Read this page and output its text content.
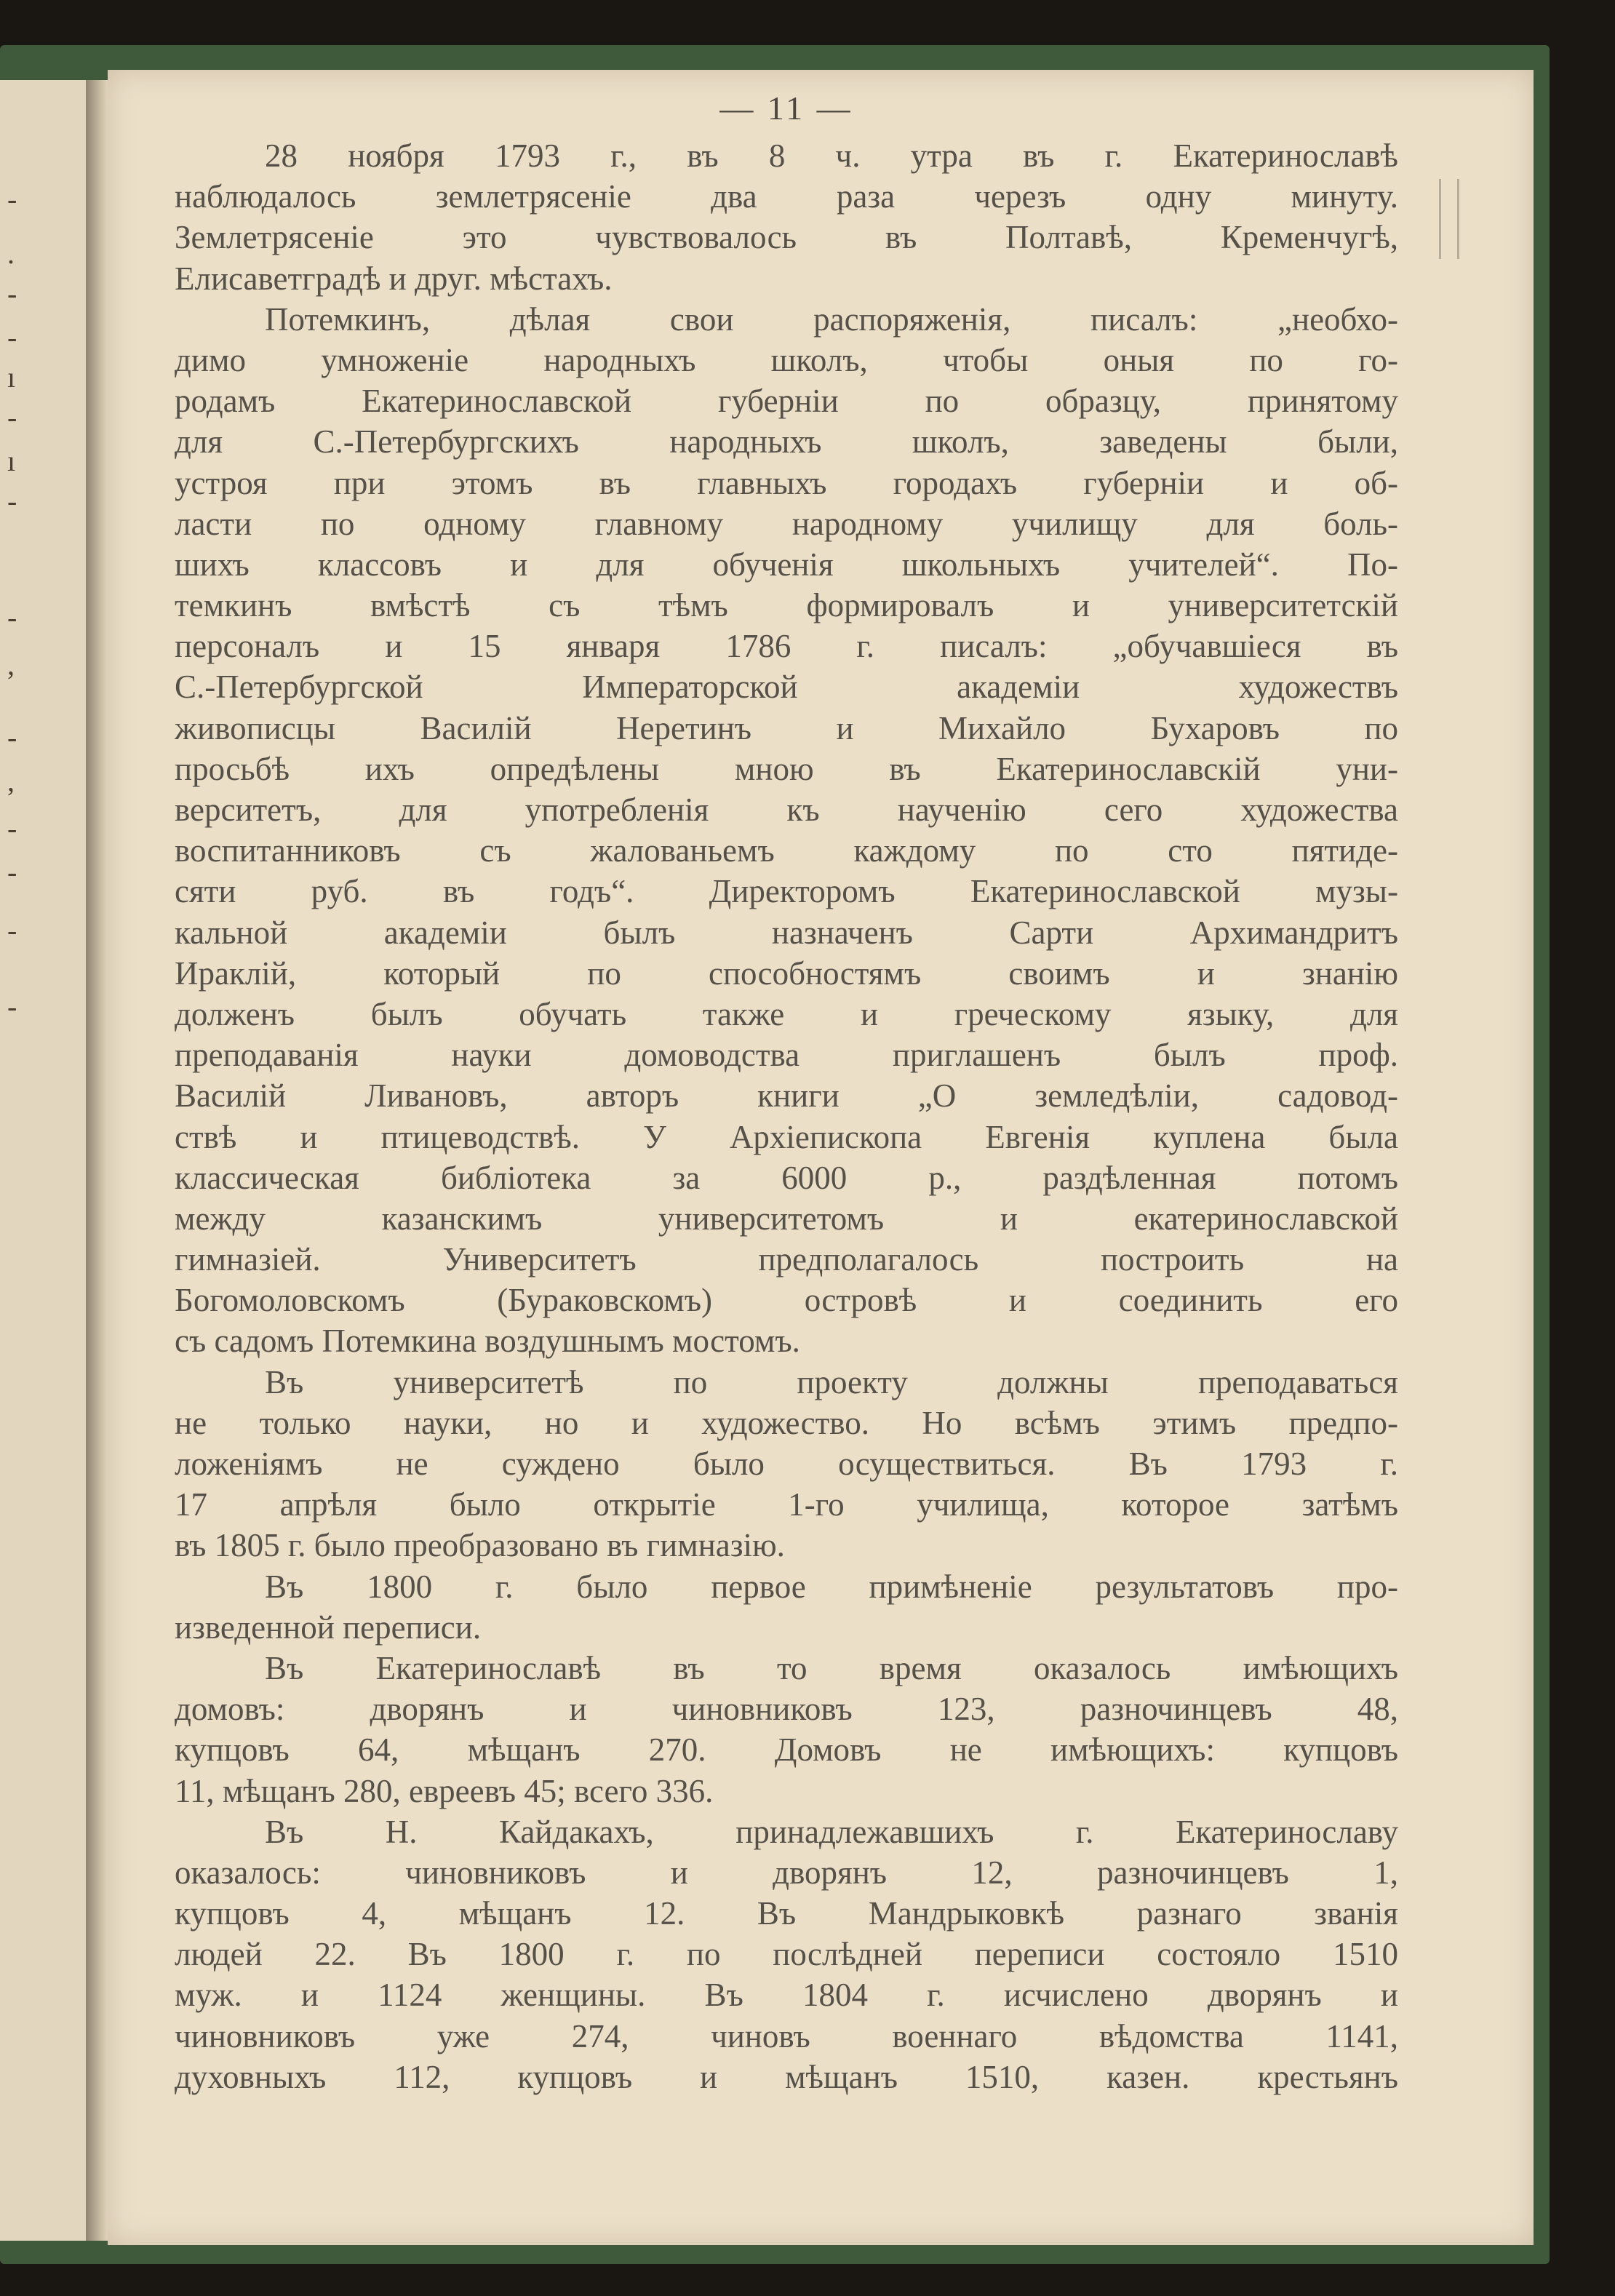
-
.
-
-
ı
-
ı
-
-
,
-
,
-
-
-
-
— 11 —
28 ноября 1793 г., въ 8 ч. утра въ г. Екатеринославѣ
наблюдалось землетрясеніе два раза черезъ одну минуту.
Землетрясеніе это чувствовалось въ Полтавѣ, Кременчугѣ,
Елисаветградѣ и друг. мѣстахъ.
Потемкинъ, дѣлая свои распоряженія, писалъ: „необхо-
димо умноженіе народныхъ школъ, чтобы оныя по го-
родамъ Екатеринославской губерніи по образцу, принятому
для С.-Петербургскихъ народныхъ школъ, заведены были,
устроя при этомъ въ главныхъ городахъ губерніи и об-
ласти по одному главному народному училищу для боль-
шихъ классовъ и для обученія школьныхъ учителей“. По-
темкинъ вмѣстѣ съ тѣмъ формировалъ и университетскій
персоналъ и 15 января 1786 г. писалъ: „обучавшіеся въ
С.-Петербургской Императорской академіи художествъ
живописцы Василій Неретинъ и Михайло Бухаровъ по
просьбѣ ихъ опредѣлены мною въ Екатеринославскій уни-
верситетъ, для употребленія къ наученію сего художества
воспитанниковъ съ жалованьемъ каждому по сто пятиде-
сяти руб. въ годъ“. Директоромъ Екатеринославской музы-
кальной академіи былъ назначенъ Сарти Архимандритъ
Ираклій, который по способностямъ своимъ и знанію
долженъ былъ обучать также и греческому языку, для
преподаванія науки домоводства приглашенъ былъ проф.
Василій Ливановъ, авторъ книги „О земледѣліи, садовод-
ствѣ и птицеводствѣ. У Архіепископа Евгенія куплена была
классическая библіотека за 6000 р., раздѣленная потомъ
между казанскимъ университетомъ и екатеринославской
гимназіей. Университетъ предполагалось построить на
Богомоловскомъ (Бураковскомъ) островѣ и соединить его
съ садомъ Потемкина воздушнымъ мостомъ.
Въ университетѣ по проекту должны преподаваться
не только науки, но и художество. Но всѣмъ этимъ предпо-
ложеніямъ не суждено было осуществиться. Въ 1793 г.
17 апрѣля было открытіе 1-го училища, которое затѣмъ
въ 1805 г. было преобразовано въ гимназію.
Въ 1800 г. было первое примѣненіе результатовъ про-
изведенной переписи.
Въ Екатеринославѣ въ то время оказалось имѣющихъ
домовъ: дворянъ и чиновниковъ 123, разночинцевъ 48,
купцовъ 64, мѣщанъ 270. Домовъ не имѣющихъ: купцовъ
11, мѣщанъ 280, евреевъ 45; всего 336.
Въ Н. Кайдакахъ, принадлежавшихъ г. Екатеринославу
оказалось: чиновниковъ и дворянъ 12, разночинцевъ 1,
купцовъ 4, мѣщанъ 12. Въ Мандрыковкѣ разнаго званія
людей 22. Въ 1800 г. по послѣдней переписи состояло 1510
муж. и 1124 женщины. Въ 1804 г. исчислено дворянъ и
чиновниковъ уже 274, чиновъ военнаго вѣдомства 1141,
духовныхъ 112, купцовъ и мѣщанъ 1510, казен. крестьянъ
